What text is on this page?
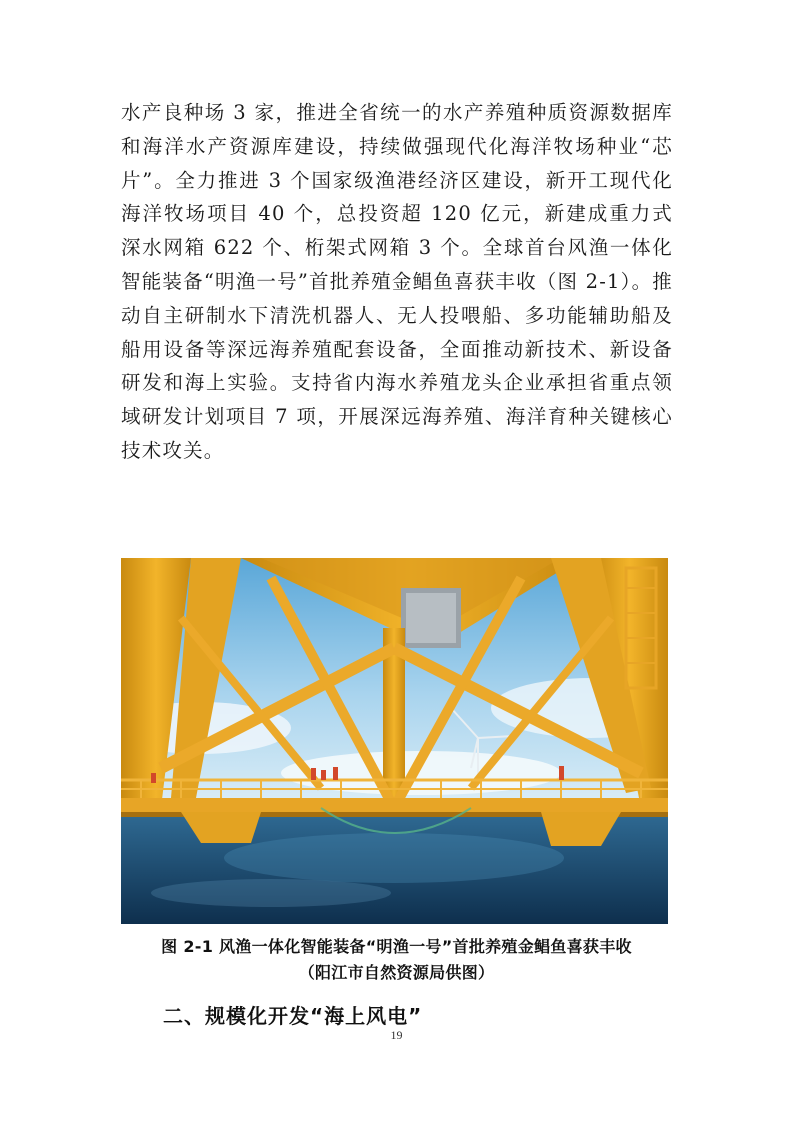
水产良种场 3 家，推进全省统一的水产养殖种质资源数据库和海洋水产资源库建设，持续做强现代化海洋牧场种业“芯片”。全力推进 3 个国家级渔港经济区建设，新开工现代化海洋牧场项目 40 个，总投资超 120 亿元，新建成重力式深水网箱 622 个、桁架式网箱 3 个。全球首台风渔一体化智能装备“明渔一号”首批养殖金鲳鱼喜获丰收（图 2-1）。推动自主研制水下清洗机器人、无人投喂船、多功能辅助船及船用设备等深远海养殖配套设备，全面推动新技术、新设备研发和海上实验。支持省内海水养殖龙头企业承担省重点领域研发计划项目 7 项，开展深远海养殖、海洋育种关键核心技术攻关。

图 2-1 风渔一体化智能装备“明渔一号”首批养殖金鲳鱼喜获丰收

（阳江市自然资源局供图）

二、规模化开发“海上风电”
19
